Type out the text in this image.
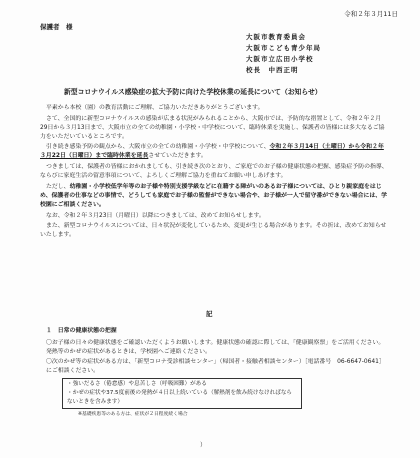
令和２年３月11日
保護者　様
大阪市教育委員会
大阪市こども青少年局
大阪市立広田小学校
校長　中西正明
新型コロナウイルス感染症の拡大予防に向けた学校休業の延長について（お知らせ）

平素から本校（園）の教育活動にご理解、ご協力いただきありがとうございます。

さて、全国的に新型コロナウイルスの感染が広まる状況がみられることから、大阪市では、予防的な措置として、令和２年２月29日から３月13日まで、大阪市立の全ての幼稚園・小学校・中学校について、臨時休業を実施し、保護者の皆様には多大なるご協力をいただいているところです。

引き続き感染予防の観点から、大阪市立の全ての幼稚園・小学校・中学校について、令和２年３月14日（土曜日）から令和２年３月22日（日曜日）まで臨時休業を延長させていただきます。

つきましては、保護者の皆様におかれましても、引き続き次のとおり、ご家庭でのお子様の健康状態の把握、感染症予防の指導、ならびに家庭生活の留意事項について、よろしくご理解ご協力を重ねてお願い申しあげます。

ただし、幼稚園・小学校低学年等のお子様や特別支援学級などに在籍する障がいのあるお子様については、ひとり親家庭をはじめ、保護者の仕事などの事情で、どうしても家庭でお子様の監督ができない場合や、お子様が一人で留守番ができない場合には、学校園にご相談ください。

なお、令和２年３月23日（月曜日）以降につきましては、改めてお知らせします。

また、新型コロナウイルスについては、日々状況が変化しているため、変更が生じる場合があります。その折は、改めてお知らせいたします。

記

１　日常の健康状態の把握

〇お子様の日々の健康状態をご確認いただくようお願いします。健康状態の確認に際しては、「健康観察票」をご活用ください。発熱等のかぜの症状があるときは、学校園へご連絡ください。

〇次のかぜ等の症状がある方は、「新型コロナ受診相談センター」（帰国者・接触者相談センター）［電話番号　06-6647-0641］にご相談ください。

・強いだるさ（倦怠感）や息苦しさ（呼吸困難）がある

・かぜの症状や37.5度前後の発熱が４日以上続いている（解熱剤を飲み続けなければならないときを含みます）

※基礎疾患等のある方は、症状が２日程度続く場合

）
